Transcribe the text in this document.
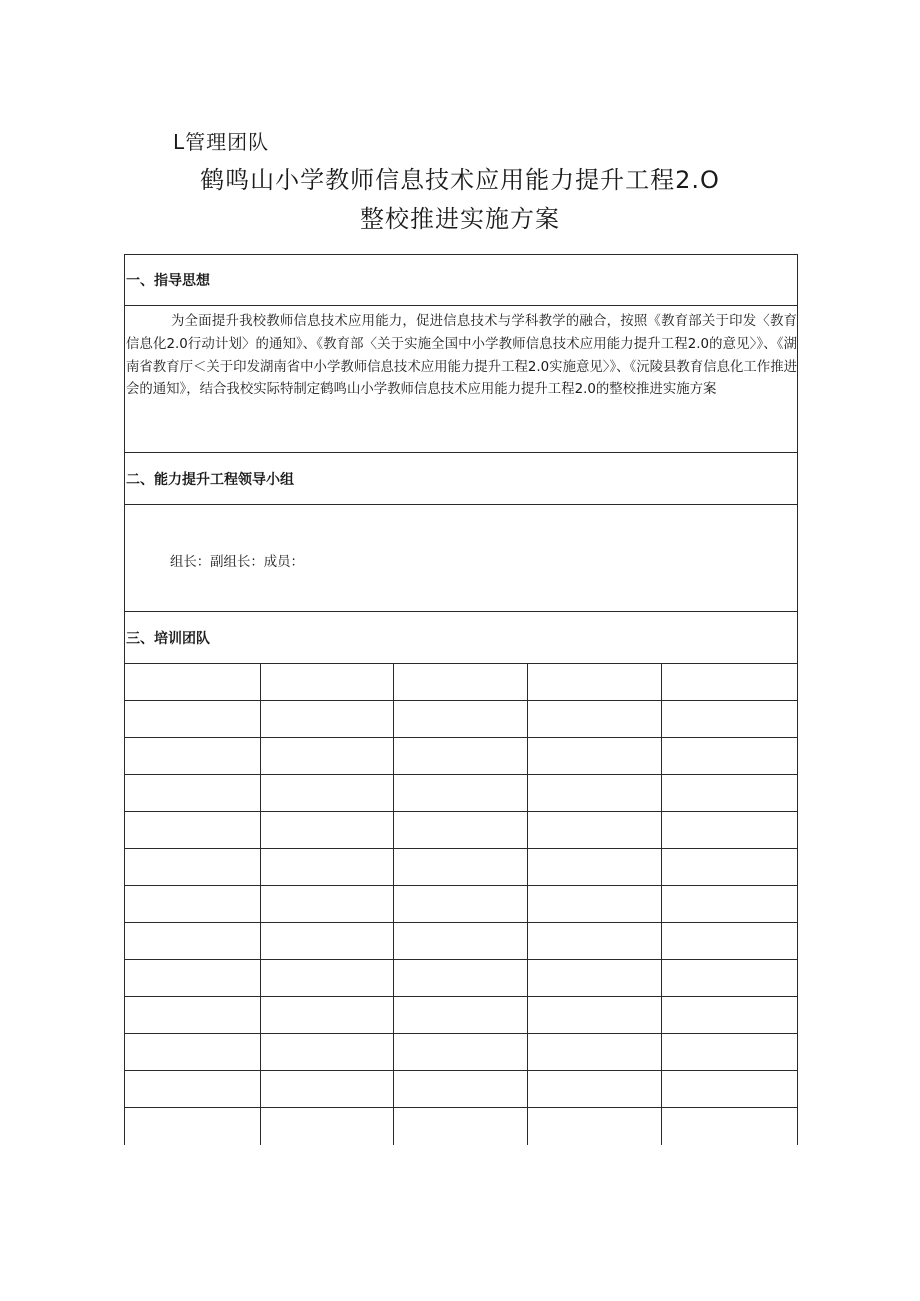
L管理团队

鹤鸣山小学教师信息技术应用能力提升工程2.O
整校推进实施方案
一、指导思想

为全面提升我校教师信息技术应用能力，促进信息技术与学科教学的融合，按照《教育部关于印发〈教育信息化2.0行动计划〉的通知》、《教育部〈关于实施全国中小学教师信息技术应用能力提升工程2.0的意见〉》、《湖南省教育厅＜关于印发湖南省中小学教师信息技术应用能力提升工程2.0实施意见〉》、《沅陵县教育信息化工作推进会的通知》，结合我校实际特制定鹤鸣山小学教师信息技术应用能力提升工程2.0的整校推进实施方案

二、能力提升工程领导小组
组长：副组长：成员：
三、培训团队
